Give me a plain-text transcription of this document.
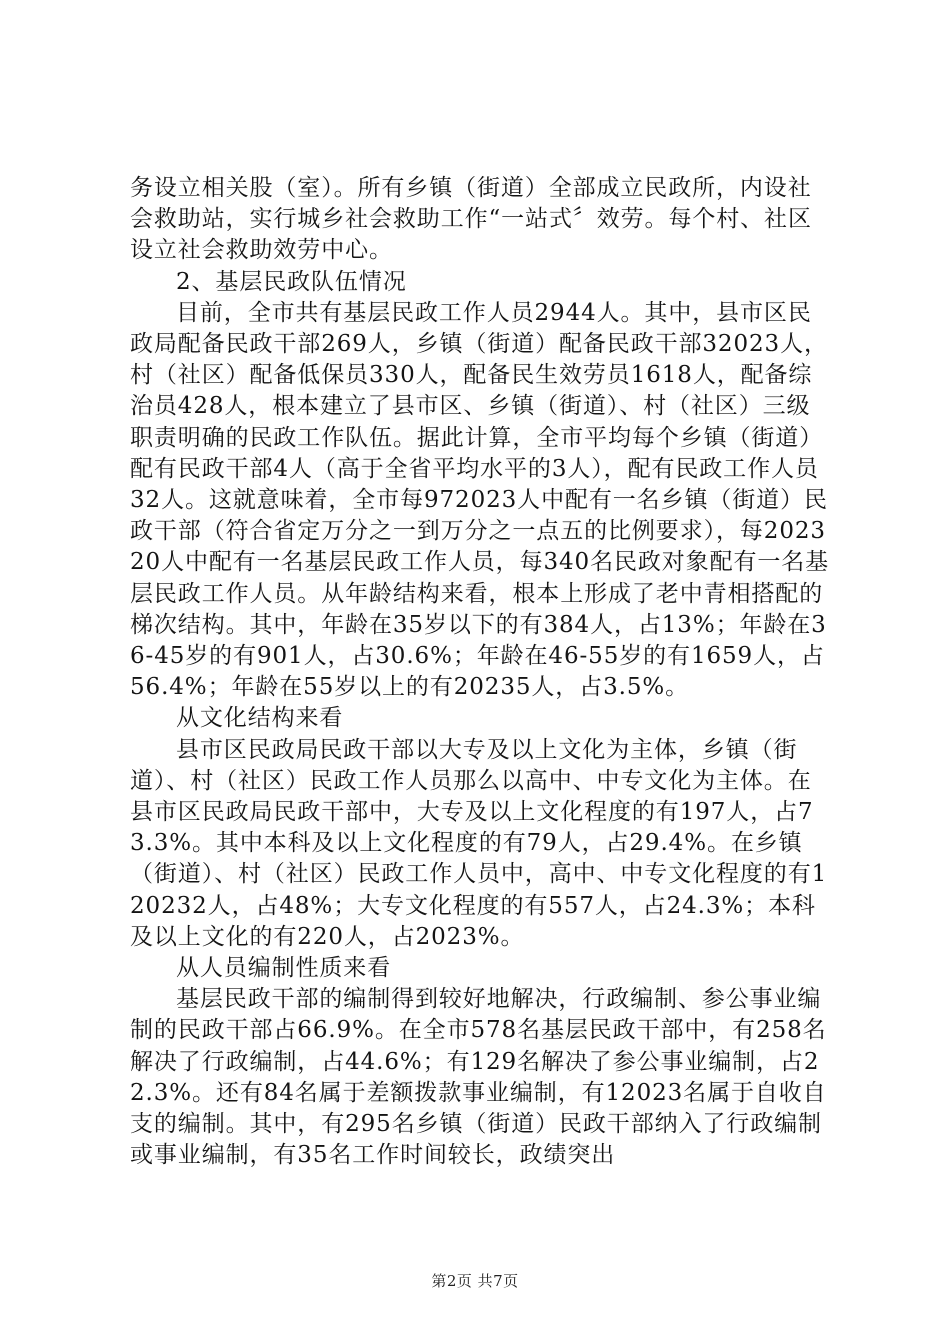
务设立相关股（室）。所有乡镇（街道）全部成立民政所，内设社会救助站，实行城乡社会救助工作“一站式〞效劳。每个村、社区设立社会救助效劳中心。

2、基层民政队伍情况

目前，全市共有基层民政工作人员2944人。其中，县市区民政局配备民政干部269人，乡镇（街道）配备民政干部32023人，村（社区）配备低保员330人，配备民生效劳员1618人，配备综治员428人，根本建立了县市区、乡镇（街道）、村（社区）三级职责明确的民政工作队伍。据此计算，全市平均每个乡镇（街道）配有民政干部4人（高于全省平均水平的3人），配有民政工作人员32人。这就意味着，全市每972023人中配有一名乡镇（街道）民政干部（符合省定万分之一到万分之一点五的比例要求），每202320人中配有一名基层民政工作人员，每340名民政对象配有一名基层民政工作人员。从年龄结构来看，根本上形成了老中青相搭配的梯次结构。其中，年龄在35岁以下的有384人，占13%；年龄在36-45岁的有901人，占30.6%；年龄在46-55岁的有1659人，占56.4%；年龄在55岁以上的有20235人，占3.5%。

从文化结构来看

县市区民政局民政干部以大专及以上文化为主体，乡镇（街道）、村（社区）民政工作人员那么以高中、中专文化为主体。在县市区民政局民政干部中，大专及以上文化程度的有197人，占73.3%。其中本科及以上文化程度的有79人，占29.4%。在乡镇（街道）、村（社区）民政工作人员中，高中、中专文化程度的有120232人，占48%；大专文化程度的有557人，占24.3%；本科及以上文化的有220人，占2023%。

从人员编制性质来看

基层民政干部的编制得到较好地解决，行政编制、参公事业编制的民政干部占66.9%。在全市578名基层民政干部中，有258名解决了行政编制，占44.6%；有129名解决了参公事业编制，占22.3%。还有84名属于差额拨款事业编制，有12023名属于自收自支的编制。其中，有295名乡镇（街道）民政干部纳入了行政编制或事业编制，有35名工作时间较长，政绩突出

第2页 共7页
